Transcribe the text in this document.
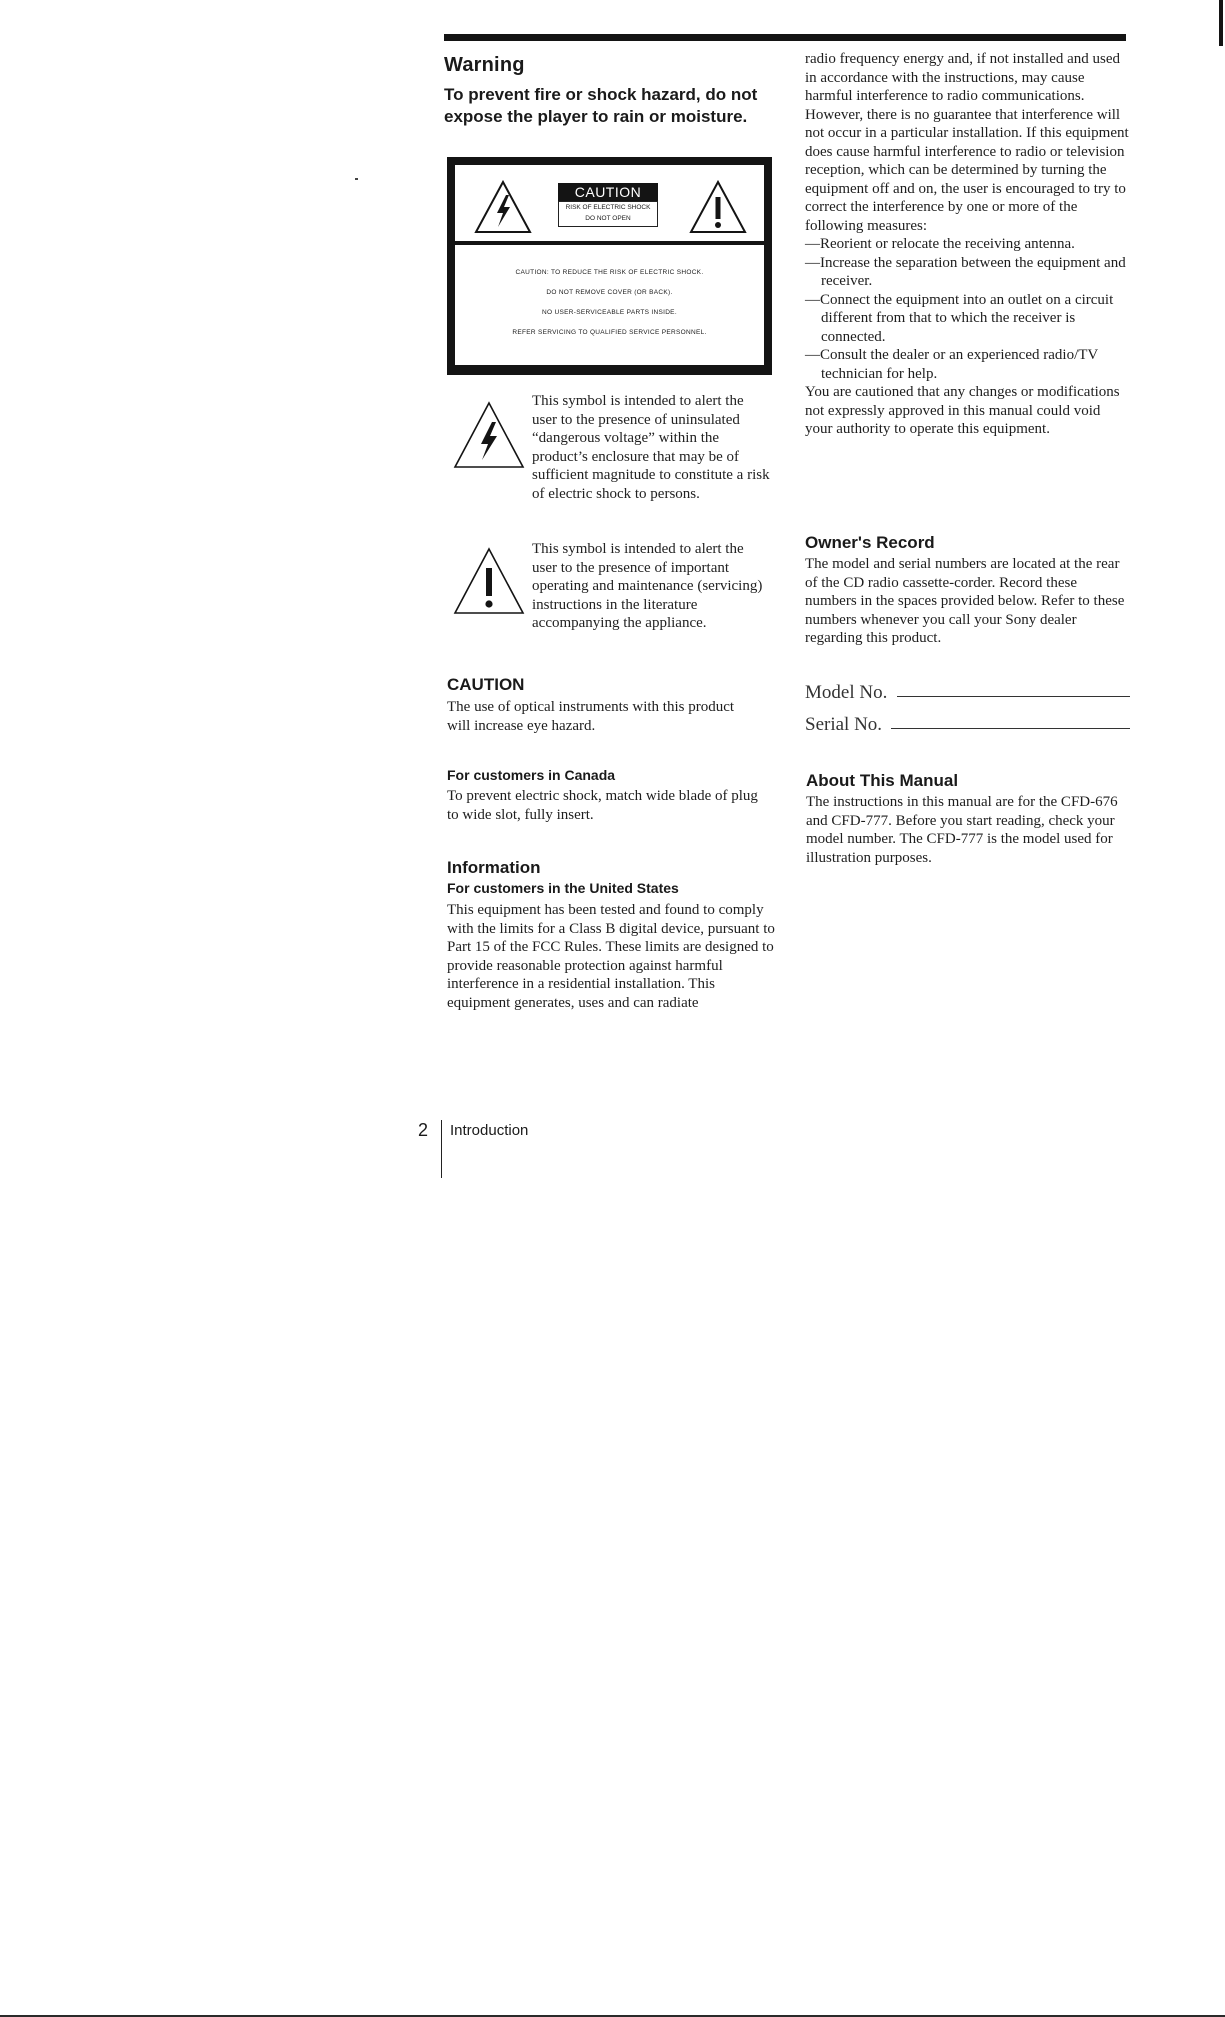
Warning
To prevent fire or shock hazard, do not expose the player to rain or moisture.
CAUTION
RISK OF ELECTRIC SHOCK
DO NOT OPEN
CAUTION: TO REDUCE THE RISK OF ELECTRIC SHOCK.
DO NOT REMOVE COVER (OR BACK).
NO USER-SERVICEABLE PARTS INSIDE.
REFER SERVICING TO QUALIFIED SERVICE PERSONNEL.
This symbol is intended to alert the user to the presence of uninsulated “dangerous voltage” within the product’s enclosure that may be of sufficient magnitude to constitute a risk of electric shock to persons.
This symbol is intended to alert the user to the presence of important operating and maintenance (servicing) instructions in the literature accompanying the appliance.
CAUTION
The use of optical instruments with this product will increase eye hazard.
For customers in Canada
To prevent electric shock, match wide blade of plug to wide slot, fully insert.
Information
For customers in the United States
This equipment has been tested and found to comply with the limits for a Class B digital device, pursuant to Part 15 of the FCC Rules. These limits are designed to provide reasonable protection against harmful interference in a residential installation. This equipment generates, uses and can radiate

radio frequency energy and, if not installed and used in accordance with the instructions, may cause harmful interference to radio communications. However, there is no guarantee that interference will not occur in a particular installation. If this equipment does cause harmful interference to radio or television reception, which can be determined by turning the equipment off and on, the user is encouraged to try to correct the interference by one or more of the following measures:

—Reorient or relocate the receiving antenna.

—Increase the separation between the equipment and receiver.

—Connect the equipment into an outlet on a circuit different from that to which the receiver is connected.

—Consult the dealer or an experienced radio/TV technician for help.

You are cautioned that any changes or modifications not expressly approved in this manual could void your authority to operate this equipment.

Owner's Record
The model and serial numbers are located at the rear of the CD radio cassette-corder. Record these numbers in the spaces provided below. Refer to these numbers whenever you call your Sony dealer regarding this product.
Model No.
Serial No.
About This Manual
The instructions in this manual are for the CFD-676 and CFD-777. Before you start reading, check your model number. The CFD-777 is the model used for illustration purposes.
2 Introduction
